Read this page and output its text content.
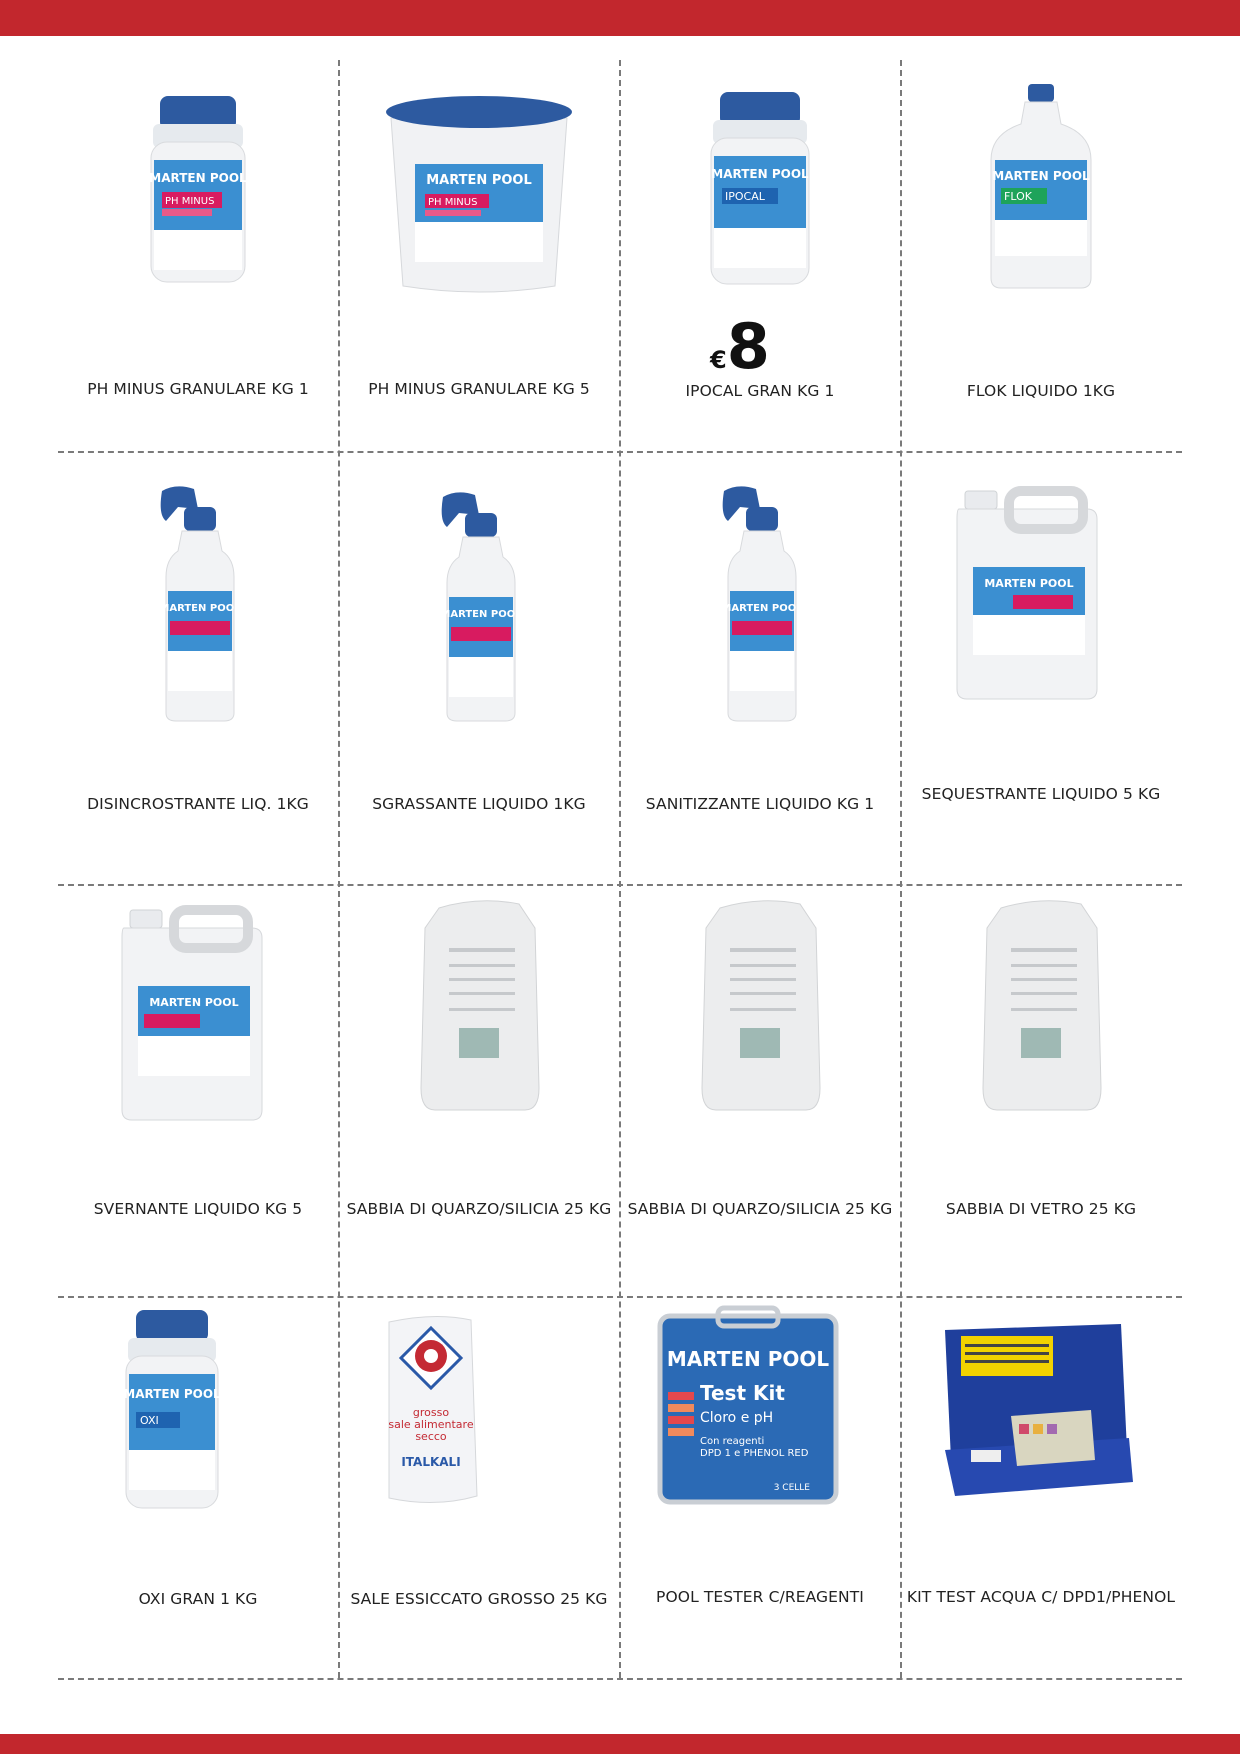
MARTEN POOL
PH MINUS
PH MINUS GRANULARE KG 1
MARTEN POOL
PH MINUS
PH MINUS GRANULARE KG 5
MARTEN POOL
IPOCAL
€8
IPOCAL GRAN KG 1
MARTEN POOL
FLOK
FLOK LIQUIDO 1KG
MARTEN POOL
DISINCROSTRANTE LIQ. 1KG
MARTEN POOL
SGRASSANTE LIQUIDO 1KG
MARTEN POOL
SANITIZZANTE LIQUIDO KG 1
MARTEN POOL
SEQUESTRANTE LIQUIDO 5 KG
MARTEN POOL
SVERNANTE LIQUIDO KG 5	SABBIA DI QUARZO/SILICIA 25 KG	SABBIA DI QUARZO/SILICIA 25 KG	SABBIA DI VETRO 25 KG
MARTEN POOL
OXI
OXI GRAN 1 KG
grosso
sale alimentare
secco
ITALKALI
SALE ESSICCATO GROSSO 25 KG
MARTEN POOL
Test Kit
Cloro e pH
Con reagenti
DPD 1 e PHENOL RED
3 CELLE
POOL TESTER C/REAGENTI	KIT TEST ACQUA C/ DPD1/PHENOL
